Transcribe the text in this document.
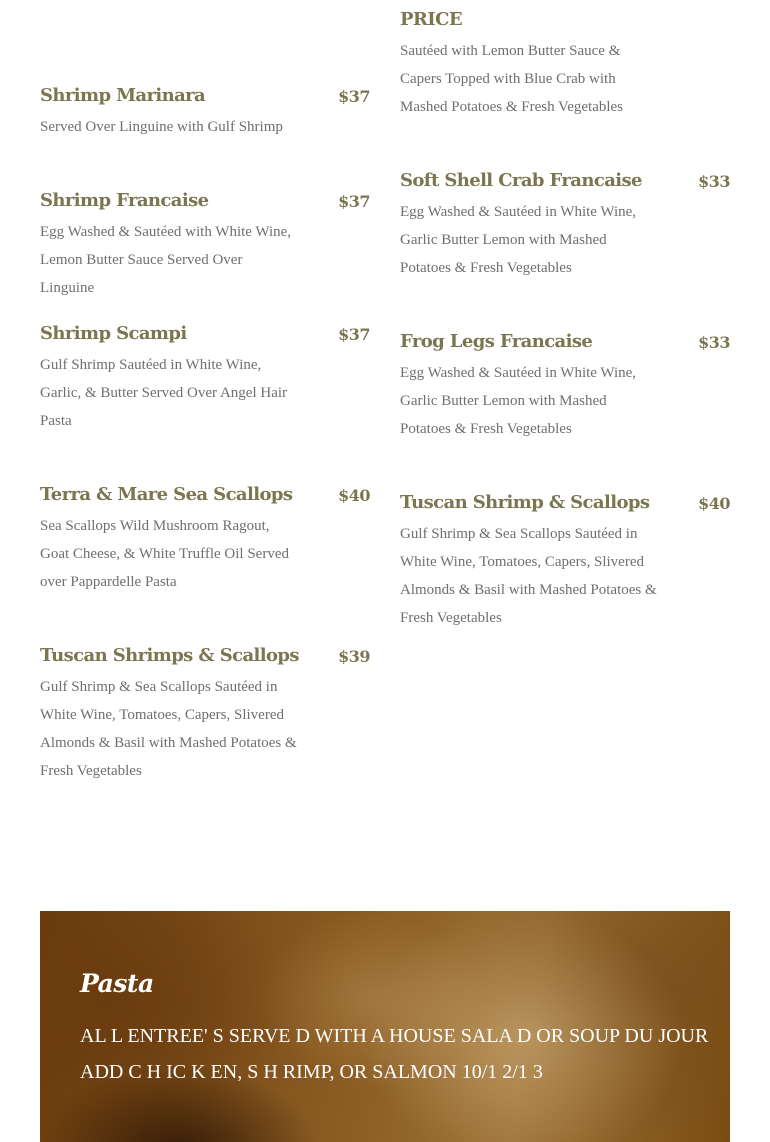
Shrimp Marinara	$37
Served Over Linguine with Gulf Shrimp
Shrimp Francaise	$37
Egg Washed & Sautéed with White Wine, Lemon Butter Sauce Served Over Linguine
Shrimp Scampi	$37
Gulf Shrimp Sautéed in White Wine, Garlic, & Butter Served Over Angel Hair Pasta
Terra & Mare Sea Scallops	$40
Sea Scallops Wild Mushroom Ragout, Goat Cheese, & White Truffle Oil Served over Pappardelle Pasta
Tuscan Shrimps & Scallops $39
Gulf Shrimp & Sea Scallops Sautéed in White Wine, Tomatoes, Capers, Slivered Almonds & Basil with Mashed Potatoes & Fresh Vegetables
PRICE
Sautéed with Lemon Butter Sauce & Capers Topped with Blue Crab with Mashed Potatoes & Fresh Vegetables
Soft Shell Crab Francaise	$33
Egg Washed & Sautéed in White Wine, Garlic Butter Lemon with Mashed Potatoes & Fresh Vegetables
Frog Legs Francaise	$33
Egg Washed & Sautéed in White Wine, Garlic Butter Lemon with Mashed Potatoes & Fresh Vegetables
Tuscan Shrimp & Scallops	$40
Gulf Shrimp & Sea Scallops Sautéed in White Wine, Tomatoes, Capers, Slivered Almonds & Basil with Mashed Potatoes & Fresh Vegetables
Pasta
AL L ENTREE' S SERVE D WITH A HOUSE SALA D OR SOUP DU JOUR
ADD C H IC K EN, S H RIMP, OR SALMON 10/1 2/1 3
